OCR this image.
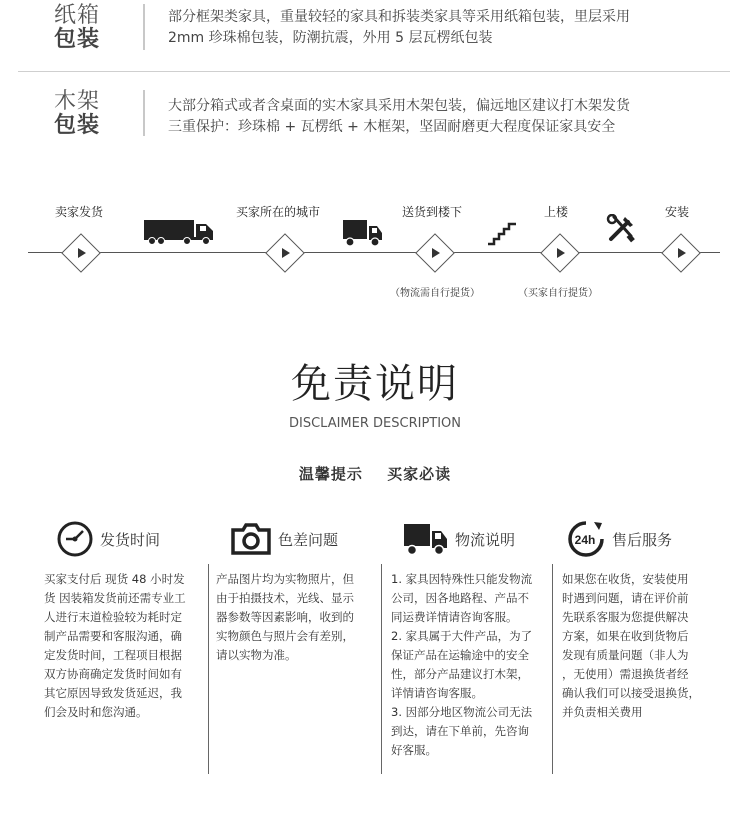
纸箱
包装
部分框架类家具，重量较轻的家具和拆装类家具等采用纸箱包装，里层采用
2mm 珍珠棉包装，防潮抗震，外用 5 层瓦楞纸包装
木架
包装
大部分箱式或者含桌面的实木家具采用木架包装，偏远地区建议打木架发货
三重保护：珍珠棉 + 瓦楞纸 + 木框架，坚固耐磨更大程度保证家具安全
卖家发货	买家所在的城市	送货到楼下	上楼	安装
（物流需自行提货）	（买家自行提货）
免责说明
DISCLAIMER DESCRIPTION
温馨提示 买家必读
发货时间	色差问题	物流说明	24h 售后服务
买家支付后 现货 48 小时发
货 因装箱发货前还需专业工
人进行末道检验较为耗时定
制产品需要和客服沟通，确
定发货时间，工程项目根据
双方协商确定发货时间如有
其它原因导致发货延迟，我
们会及时和您沟通。
产品图片均为实物照片，但
由于拍摄技术，光线、显示
器参数等因素影响，收到的
实物颜色与照片会有差别，
请以实物为准。
1. 家具因特殊性只能发物流
公司，因各地路程、产品不
同运费详情请咨询客服。
2. 家具属于大件产品，为了
保证产品在运输途中的安全
性，部分产品建议打木架，
详情请咨询客服。
3. 因部分地区物流公司无法
到达，请在下单前，先咨询
好客服。
如果您在收货，安装使用
时遇到问题，请在评价前
先联系客服为您提供解决
方案，如果在收到货物后
发现有质量问题（非人为
，无使用）需退换货者经
确认我们可以接受退换货，
并负责相关费用
